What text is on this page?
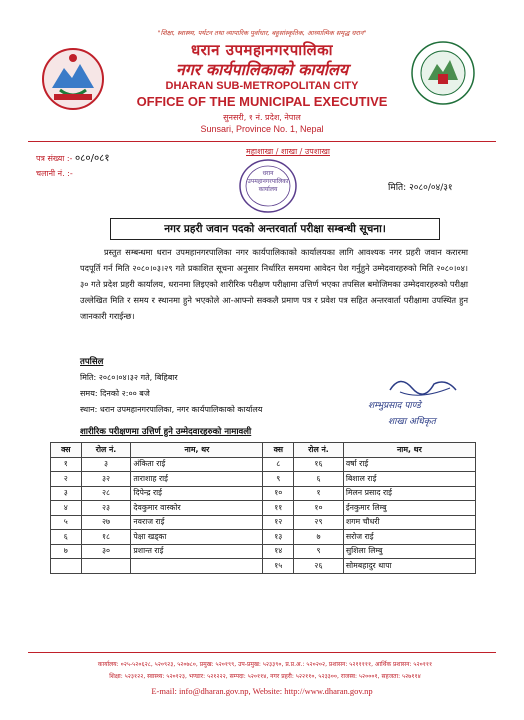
"शिक्षा, स्वास्थ्य, पर्यटन तथा व्यापारिक पूर्वाधार, बहुसांस्कृतिक, आध्यात्मिक समृद्ध धरान"
धरान उपमहानगरपालिका
नगर कार्यपालिकाको कार्यालय
DHARAN SUB-METROPOLITAN CITY
OFFICE OF THE MUNICIPAL EXECUTIVE
सुनसरी, १ नं. प्रदेश, नेपाल
Sunsari, Province No. 1, Nepal
पत्र संख्या :- ०८०/०८१
चलानी नं. :-
महाशाखा / शाखा / उपशाखा
मिति: २०८०/०४/३१
धरान
उपमहानगरपालिका
कार्यालय
नगर प्रहरी जवान पदको अन्तरवार्ता परीक्षा सम्बन्धी सूचना।

प्रस्तुत सम्बन्धमा धरान उपमहानगरपालिका नगर कार्यपालिकाको कार्यालयका लागि आवश्यक नगर प्रहरी जवान करारमा पदपूर्ति गर्न मिति २०८०।०३।२९ गते प्रकाशित सूचना अनुसार निर्धारित समयमा आवेदन पेश गर्नुहुने उम्मेदवारहरुको मिति २०८०।०४।३० गते प्रदेश प्रहरी कार्यालय, धरानमा लिइएको शारीरिक परीक्षण परीक्षामा उत्तिर्ण भएका तपसिल बमोजिमका उम्मेदवारहरुको परीक्षा उल्लेखित मिति र समय र स्थानमा हुने भएकोले आ-आफ्नो सक्कलै प्रमाण पत्र र प्रवेश पत्र सहित अन्तरवार्ता परीक्षामा उपस्थित हुन जानकारी गराईन्छ।

तपसिल
मिति: २०८०।०४।३२ गते, बिहिबार
समय: दिनको २:०० बजे
स्थान: धरान उपमहानगरपालिका, नगर कार्यपालिकाको कार्यालय	शम्भुप्रसाद पाण्डे
शाखा अधिकृत
शारीरिक परीक्षणमा उत्तिर्ण हुने उम्मेदवारहरुको नामावली
क्स	रोल नं.	नाम, थर	क्स	रोल नं.	नाम, थर
१	३	अंकिता राई	८	१६	वर्षा राई
२	३२	ताराशाह राई	९	६	बिशाल राई
३	२८	दिपेन्द्र राई	१०	१	मिलन प्रसाद राई
४	२३	देवकुमार वास्कोर	११	१०	ईनकुमार लिम्बु
५	२७	नवराज राई	१२	२९	शगम चौधरी
६	१८	पेक्षा खड्का	१३	७	सरोज राई
७	३०	प्रशान्त राई	१४	९	सुशिला लिम्बु
			१५	२६	सोमबहादुर थापा
कार्यालय: ०२५-५२०६२८, ५२०९२३, ५२०७८०, प्रमुख: ५२०१९९, उप-प्रमुख: ५२३३९०, प्र.प्र.अ.: ५२०२०२, प्रशासन: ५२१११११, आर्थिक प्रशासन: ५२०१११
शिक्षा: ५२३१२२, स्वास्थ्य: ५२०१२३, भण्डार: ५२१२२२, सम्पदा: ५२०११४, नगर प्रहरी: ५२२११०, ५२३३००, राजस्व: ५२०००१, सहजता: ५२७११४
E-mail: info@dharan.gov.np, Website: http://www.dharan.gov.np
